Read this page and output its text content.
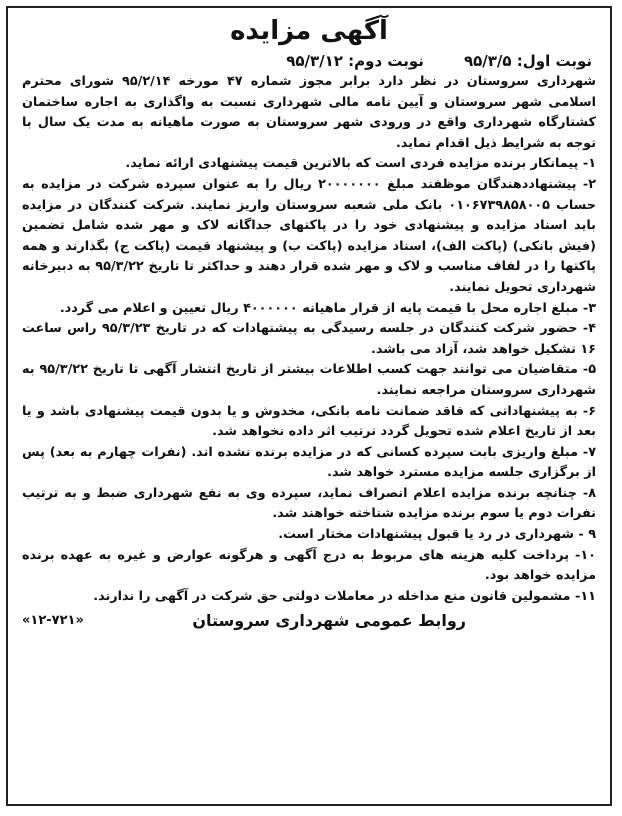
آگهی مزایده
نوبت اول: ۹۵/۳/۵
نوبت دوم: ۹۵/۳/۱۲

شهرداری سروستان در نظر دارد برابر مجوز شماره ۴۷ مورخه ۹۵/۲/۱۴ شورای محترم اسلامی شهر سروستان و آیین نامه مالی شهرداری نسبت به واگذاری به اجاره ساختمان کشتارگاه شهرداری واقع در ورودی شهر سروستان به صورت ماهیانه به مدت یک سال با توجه به شرایط ذیل اقدام نماید.

۱- پیمانکار برنده مزایده فردی است که بالاترین قیمت پیشنهادی ارائه نماید.

۲- پیشنهاددهندگان موظفند مبلغ ۲۰۰۰۰۰۰۰ ریال را به عنوان سپرده شرکت در مزایده به حساب ۰۱۰۶۷۳۹۸۵۸۰۰۵ بانک ملی شعبه سروستان واریز نمایند. شرکت کنندگان در مزایده باید اسناد مزایده و پیشنهادی خود را در پاکتهای جداگانه لاک و مهر شده شامل تضمین (فیش بانکی) (پاکت الف)، اسناد مزایده (پاکت ب) و پیشنهاد قیمت (پاکت ج) بگذارند و همه پاکتها را در لفاف مناسب و لاک و مهر شده قرار دهند و حداکثر تا تاریخ ۹۵/۳/۲۲ به دبیرخانه شهرداری تحویل نمایند.

۳- مبلغ اجاره محل با قیمت پایه از قرار ماهیانه ۴۰۰۰۰۰۰ ریال تعیین و اعلام می گردد.

۴- حضور شرکت کنندگان در جلسه رسیدگی به پیشنهادات که در تاریخ ۹۵/۳/۲۳ راس ساعت ۱۶ تشکیل خواهد شد، آزاد می باشد.

۵- متقاضیان می توانند جهت کسب اطلاعات بیشتر از تاریخ انتشار آگهی تا تاریخ ۹۵/۳/۲۲ به شهرداری سروستان مراجعه نمایند.

۶- به پیشنهاداتی که فاقد ضمانت نامه بانکی، مخدوش و یا بدون قیمت پیشنهادی باشد و یا بعد از تاریخ اعلام شده تحویل گردد ترتیب اثر داده نخواهد شد.

۷- مبلغ واریزی بابت سپرده کسانی که در مزایده برنده نشده اند. (نفرات چهارم به بعد) پس از برگزاری جلسه مزایده مسترد خواهد شد.

۸- چنانچه برنده مزایده اعلام انصراف نماید، سپرده وی به نفع شهرداری ضبط و به ترتیب نفرات دوم یا سوم برنده مزایده شناخته خواهند شد.

۹ - شهرداری در رد یا قبول پیشنهادات مختار است.

۱۰- پرداخت کلیه هزینه های مربوط به درج آگهی و هرگونه عوارض و غیره به عهده برنده مزایده خواهد بود.

۱۱- مشمولین قانون منع مداخله در معاملات دولتی حق شرکت در آگهی را ندارند.

روابط عمومی شهرداری سروستان
«۱۲-۷۲۱»
